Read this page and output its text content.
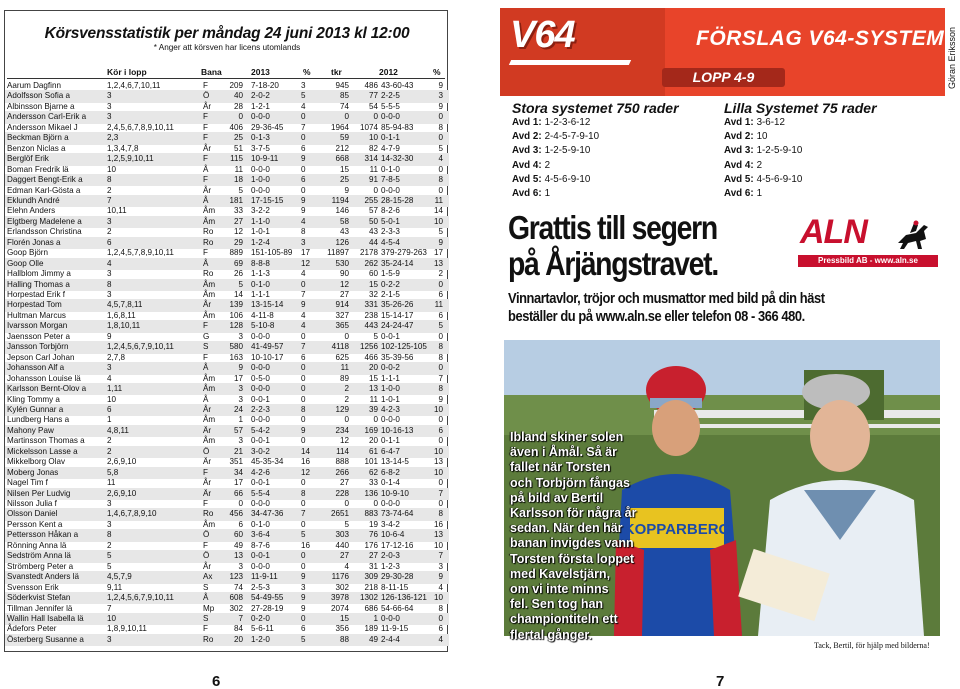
Körsvensstatistik per måndag 24 juni 2013 kl 12:00
* Anger att körsven har licens utomlands
Kör i lopp	Bana	2013	% tkr	2012	%
Aarum Dagfinn	1,2,4,6,7,10,11	F	209 7-18-20	3	945	486 43-60-43	9
Adolfsson Sofia a	3	Ö	40 2-0-2	5	85	77 2-2-5	3
Albinsson Bjarne a	3	År	28 1-2-1	4	74	54 5-5-5	9
Andersson Carl-Erik a	3	F	0 0-0-0	0	0	0 0-0-0	0
Andersson Mikael J	2,4,5,6,7,8,9,10,11	F	406 29-36-45 7	1964	1074 85-94-83	8
Beckman Björn a	2,3	F	25 0-1-3	0	59	10 0-1-1	0
Benzon Niclas a	1,3,4,7,8	År	51 3-7-5	6	212	82 4-7-9	5
Berglöf Erik	1,2,5,9,10,11	F	115 10-9-11	9	668	314 14-32-30	4
Boman Fredrik lä	10	Å	11 0-0-0	0	15	11 0-1-0	0
Daggert Bengt-Erik a	8	F	18 1-0-0	6	25	91 7-8-5	8
Edman Karl-Gösta a	2	År	5 0-0-0	0	9	0 0-0-0	0
Eklundh André	7	Å	181 17-15-15 9	1194	255 28-15-28	11
Elehn Anders	10,11	Åm	33 3-2-2	9	146	57 8-2-6	14
Elgtberg Madelene a	3	Åm	27 1-1-0	4	58	50 5-0-1	10
Erlandsson Christina	2	Ro	12 1-0-1	8	43	43 2-3-3	5
Florén Jonas a	6	Ro	29 1-2-4	3	126	44 4-5-4	9
Goop Björn	1,2,4,5,7,8,9,10,11	F	889 151-105-89 17	11897	2178 379-279-263 17
Goop Olle	4	Å	69 8-8-8	12	530	262 35-24-14	13
Hallblom Jimmy a	3	Ro	26 1-1-3	4	90	60 1-5-9	2
Halling Thomas a	8	Åm	5 0-1-0	0	12	15 0-2-2	0
Horpestad Erik f	3	Åm	14 1-1-1	7	27	32 2-1-5	6
Horpestad Tom	4,5,7,8,11	År	139 13-15-14 9	914	331 35-26-26	11
Hultman Marcus	1,6,8,11	Åm	106 4-11-8	4	327	238 15-14-17	6
Ivarsson Morgan	1,8,10,11	F	128 5-10-8	4	365	443 24-24-47	5
Jaensson Peter a	9	G	3 0-0-0	0	0	5 0-0-1	0
Jansson Torbjörn	1,2,4,5,6,7,9,10,11	S	580 41-49-57 7	4118	1256 102-125-105	8
Jepson Carl Johan	2,7,8	F	163 10-10-17 6	625	466 35-39-56	8
Johansson Alf a	3	Å	9 0-0-0	0	11	20 0-0-2	0
Johansson Louise lä	4	Åm	17 0-5-0	0	89	15 1-1-1	7
Karlsson Bernt-Olov a	1,11	Åm	3 0-0-0	0	2	13 1-0-0	8
Kling Tommy a	10	Å	3 0-0-1	0	2	11 1-0-1	9
Kylén Gunnar a	6	År	24 2-2-3	8	129	39 4-2-3	10
Lundberg Hans a	1	Åm	1 0-0-0	0	0	0 0-0-0	0
Mahony Paw	4,8,11	Är	57 5-4-2	9	234	169 10-16-13	6
Martinsson Thomas a	2	Åm	3 0-0-1	0	12	20 0-1-1	0
Mickelsson Lasse a	2	Ö	21 3-0-2	14	114	61 6-4-7	10
Mikkelborg Olav	2,6,9,10	Är	351 45-35-34 16	888	101 13-14-5	13
Moberg Jonas	5,8	F	34 4-2-6	12	266	62 6-8-2	10
Nagel Tim f	11	År	17 0-0-1	0	27	33 0-1-4	0
Nilsen Per Ludvig	2,6,9,10	Är	66 5-5-4	8	228	136 10-9-10	7
Nilsson Julia f	3	F	0 0-0-0	0	0	0 0-0-0	0
Olsson Daniel	1,4,6,7,8,9,10	Ro	456 34-47-36 7	2651	883 73-74-64	8
Persson Kent a	3	Åm	6 0-1-0	0	5	19 3-4-2	16
Pettersson Håkan a	8	Ö	60 3-6-4	5	303	76 10-6-4	13
Rönning Anna lä	2	F	49 8-7-6	16	440	176 17-12-16	10
Sedström Anna lä	5	Ö	13 0-0-1	0	27	27 2-0-3	7
Strömberg Peter a	5	År	3 0-0-0	0	4	31 1-2-3	3
Svanstedt Anders lä	4,5,7,9	Ax	123 11-9-11	9	1176	309 29-30-28	9
Svensson Erik	9,11	S	74 2-5-3	3	302	218 8-11-15	4
Söderkvist Stefan	1,2,4,5,6,7,9,10,11	Å	608 54-49-55 9	3978	1302 126-136-121 10
Tillman Jennifer lä	7	Mp	302 27-28-19 9	2074	686 54-66-64	8
Wallin Hall Isabella lä	10	S	7 0-2-0	0	15	1 0-0-0	0
Ådefors Peter	1,8,9,10,11	F	84 5-6-11	6	356	189 11-9-15	6
Österberg Susanne a	3	Ro	20 1-2-0	5	88	49 2-4-4	4
6
V64	FÖRSLAG V64-SYSTEM
LOPP 4-9	Göran Eriksson
Stora systemet 750 rader	Lilla Systemet 75 rader
Avd 1: 1-2-3-6-12
Avd 2: 2-4-5-7-9-10
Avd 3: 1-2-5-9-10
Avd 4: 2
Avd 5: 4-5-6-9-10
Avd 6: 1
Avd 1: 3-6-12
Avd 2: 10
Avd 3: 1-2-5-9-10
Avd 4: 2
Avd 5: 4-5-6-9-10
Avd 6: 1
Grattis till segern
på Årjängstravet.
ALN
Pressbild AB - www.aln.se
Vinnartavlor, tröjor och musmattor med bild på din häst
beställer du på www.aln.se eller telefon 08 - 366 480.
KOPPARBERG
Ibland skiner solen
även i Åmål. Så är
fallet när Torsten
och Torbjörn fångas
på bild av Bertil
Karlsson för några år
sedan. När den här
banan invigdes vann
Torsten första loppet
med Kavelstjärn,
om vi inte minns
fel. Sen tog han
championtiteln ett
flertal gånger.
Tack, Bertil, för hjälp med bilderna!
7
